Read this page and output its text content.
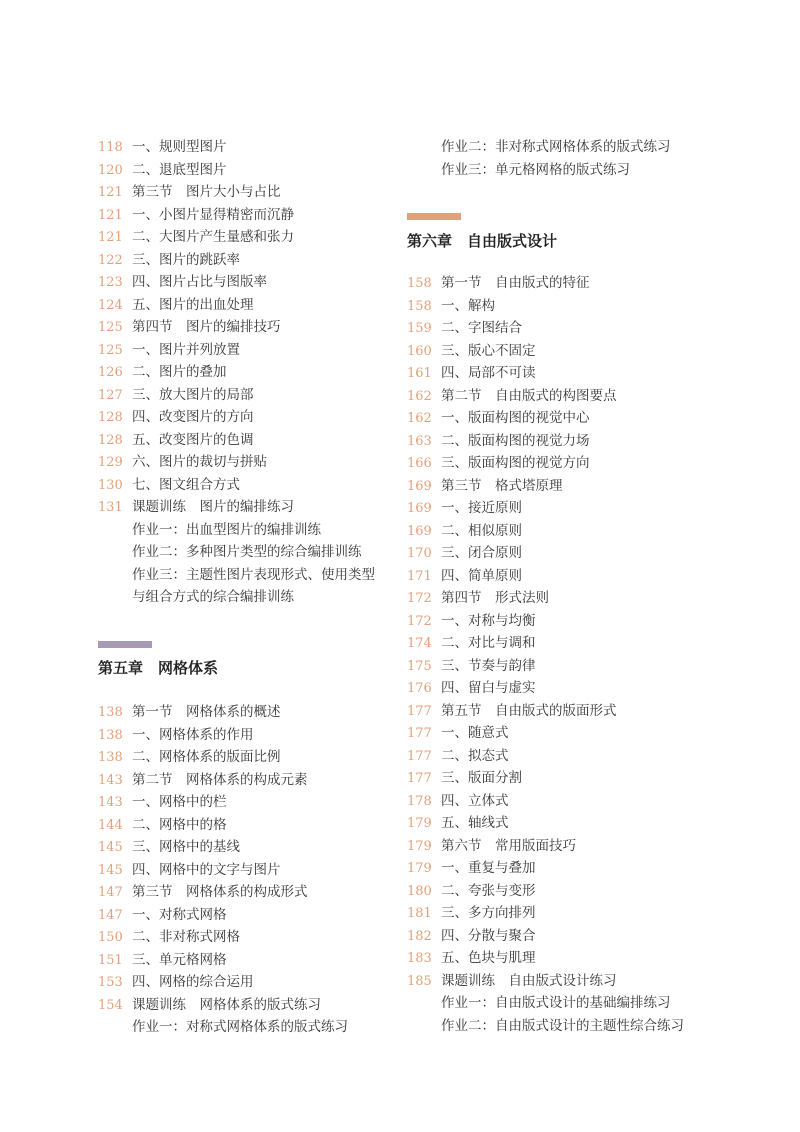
118 一、规则型图片
120 二、退底型图片
121 第三节　图片大小与占比
121 一、小图片显得精密而沉静
121 二、大图片产生量感和张力
122 三、图片的跳跃率
123 四、图片占比与图版率
124 五、图片的出血处理
125 第四节　图片的编排技巧
125 一、图片并列放置
126 二、图片的叠加
127 三、放大图片的局部
128 四、改变图片的方向
128 五、改变图片的色调
129 六、图片的裁切与拼贴
130 七、图文组合方式
131 课题训练　图片的编排练习
作业一：出血型图片的编排训练
作业二：多种图片类型的综合编排训练
作业三：主题性图片表现形式、使用类型
与组合方式的综合编排训练
第五章　网格体系
138 第一节　网格体系的概述
138 一、网格体系的作用
138 二、网格体系的版面比例
143 第二节　网格体系的构成元素
143 一、网格中的栏
144 二、网格中的格
145 三、网格中的基线
145 四、网格中的文字与图片
147 第三节　网格体系的构成形式
147 一、对称式网格
150 二、非对称式网格
151 三、单元格网格
153 四、网格的综合运用
154 课题训练　网格体系的版式练习
作业一：对称式网格体系的版式练习
作业二：非对称式网格体系的版式练习
作业三：单元格网格的版式练习
第六章　自由版式设计
158 第一节　自由版式的特征
158 一、解构
159 二、字图结合
160 三、版心不固定
161 四、局部不可读
162 第二节　自由版式的构图要点
162 一、版面构图的视觉中心
163 二、版面构图的视觉力场
166 三、版面构图的视觉方向
169 第三节　格式塔原理
169 一、接近原则
169 二、相似原则
170 三、闭合原则
171 四、简单原则
172 第四节　形式法则
172 一、对称与均衡
174 二、对比与调和
175 三、节奏与韵律
176 四、留白与虚实
177 第五节　自由版式的版面形式
177 一、随意式
177 二、拟态式
177 三、版面分割
178 四、立体式
179 五、轴线式
179 第六节　常用版面技巧
179 一、重复与叠加
180 二、夸张与变形
181 三、多方向排列
182 四、分散与聚合
183 五、色块与肌理
185 课题训练　自由版式设计练习
作业一：自由版式设计的基础编排练习
作业二：自由版式设计的主题性综合练习
